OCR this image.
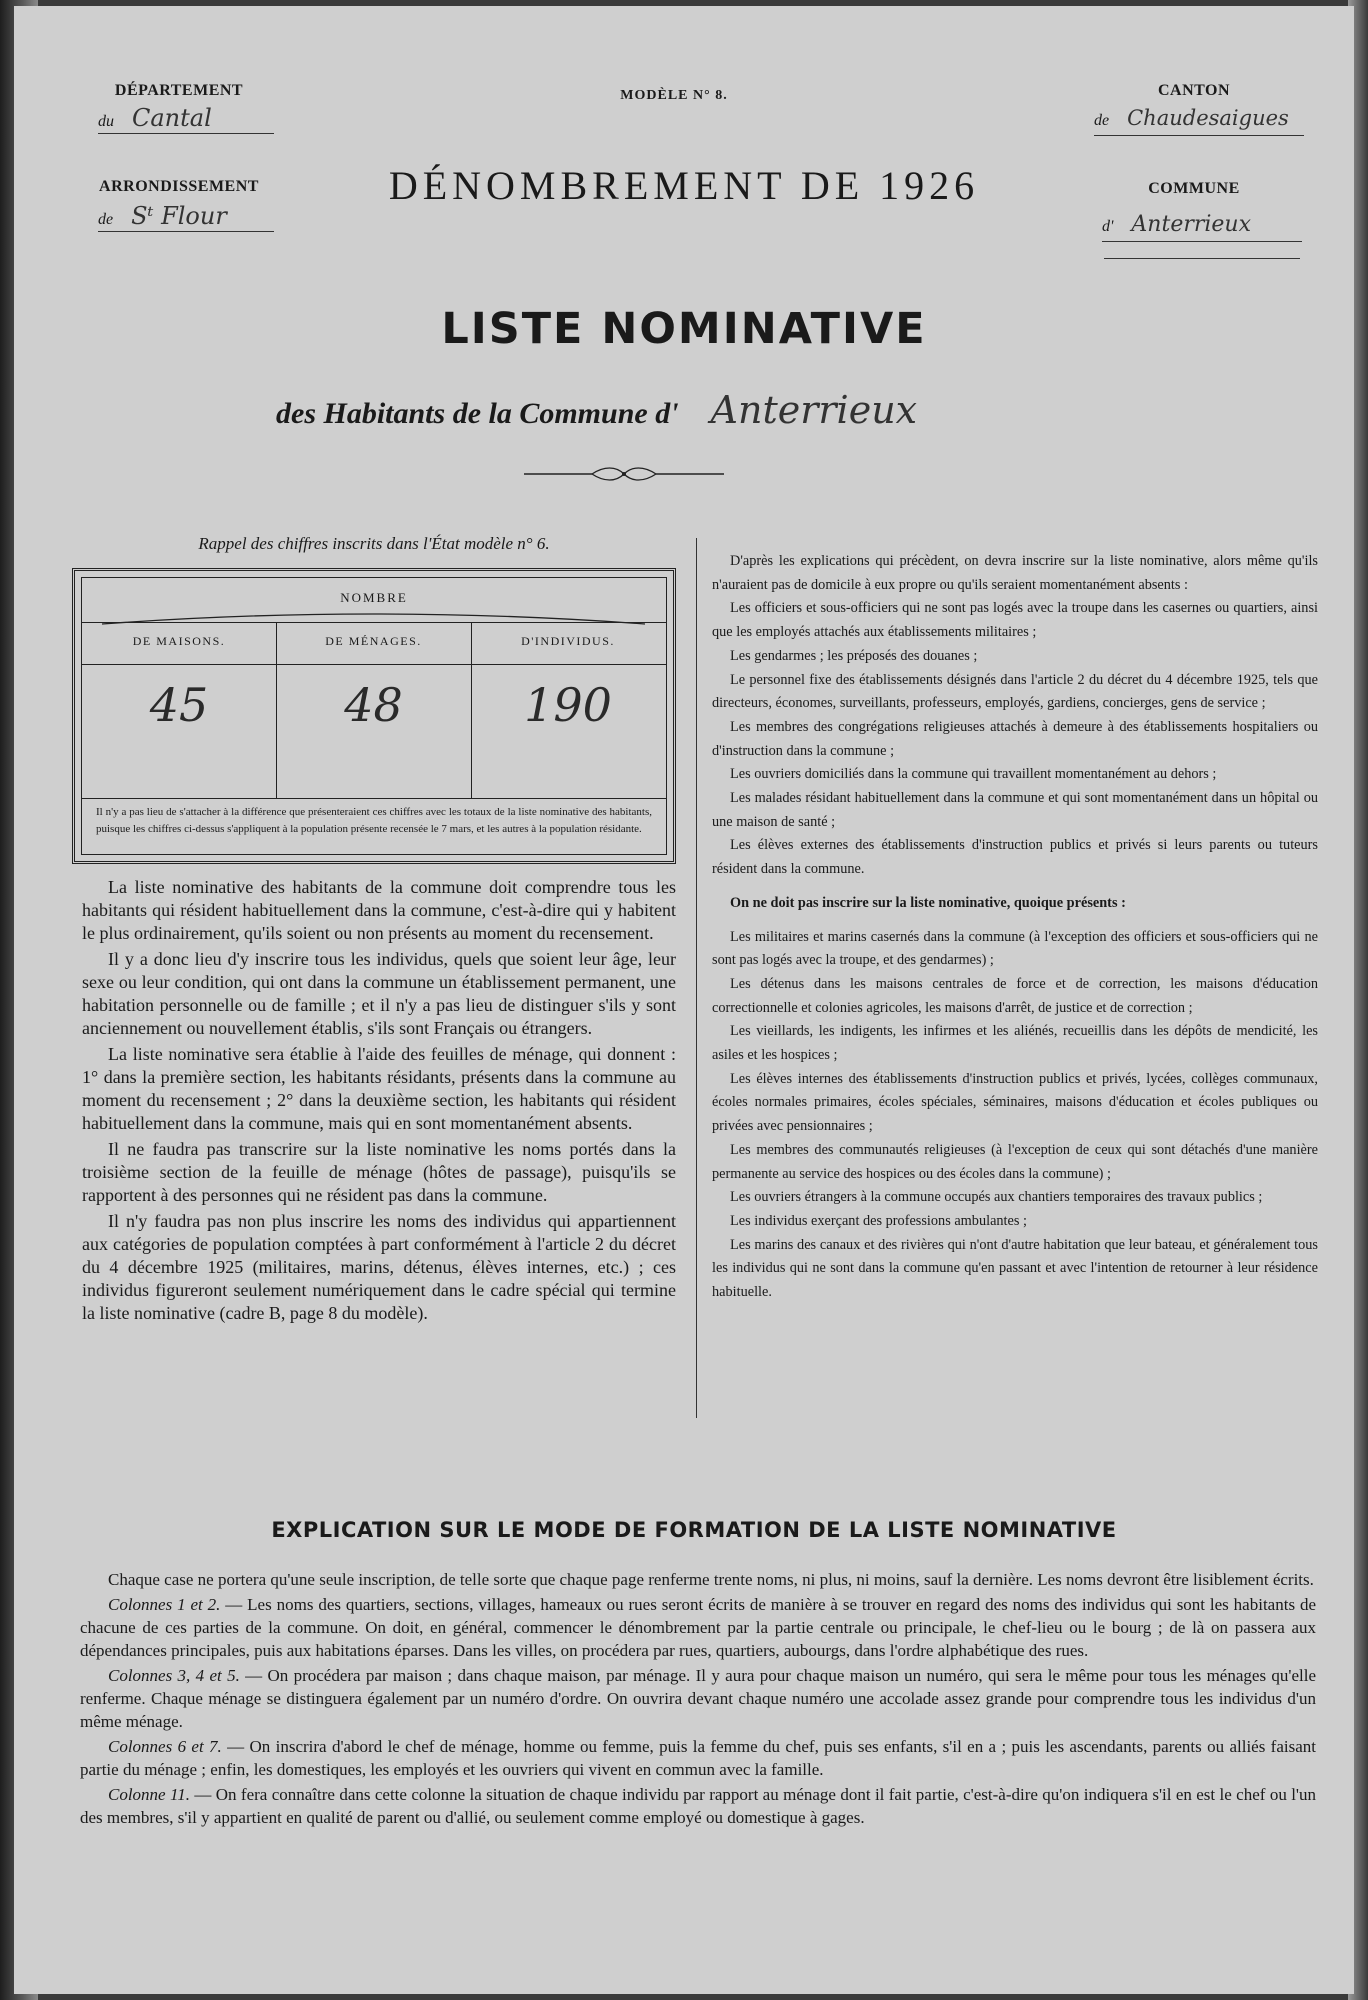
DÉPARTEMENT
du Cantal
ARRONDISSEMENT
de Sᵗ Flour
MODÈLE N° 8.	CANTON
de Chaudesaigues
COMMUNE
d' Anterrieux
DÉNOMBREMENT DE 1926
LISTE NOMINATIVE
des Habitants de la Commune d' Anterrieux
Rappel des chiffres inscrits dans l'État modèle n° 6.
NOMBRE
DE MAISONS.	DE MÉNAGES.	D'INDIVIDUS.
45	48	190
Il n'y a pas lieu de s'attacher à la différence que présenteraient ces chiffres avec les totaux de la liste nominative des habitants, puisque les chiffres ci-dessus s'appliquent à la population présente recensée le 7 mars, et les autres à la population résidante.

La liste nominative des habitants de la commune doit comprendre tous les habitants qui résident habituellement dans la commune, c'est-à-dire qui y habitent le plus ordinairement, qu'ils soient ou non présents au moment du recensement.

Il y a donc lieu d'y inscrire tous les individus, quels que soient leur âge, leur sexe ou leur condition, qui ont dans la commune un établissement permanent, une habitation personnelle ou de famille ; et il n'y a pas lieu de distinguer s'ils y sont anciennement ou nouvellement établis, s'ils sont Français ou étrangers.

La liste nominative sera établie à l'aide des feuilles de ménage, qui donnent : 1° dans la première section, les habitants résidants, présents dans la commune au moment du recensement ; 2° dans la deuxième section, les habitants qui résident habituellement dans la commune, mais qui en sont momentanément absents.

Il ne faudra pas transcrire sur la liste nominative les noms portés dans la troisième section de la feuille de ménage (hôtes de passage), puisqu'ils se rapportent à des personnes qui ne résident pas dans la commune.

Il n'y faudra pas non plus inscrire les noms des individus qui appartiennent aux catégories de population comptées à part conformément à l'article 2 du décret du 4 décembre 1925 (militaires, marins, détenus, élèves internes, etc.) ; ces individus figureront seulement numériquement dans le cadre spécial qui termine la liste nominative (cadre B, page 8 du modèle).

D'après les explications qui précèdent, on devra inscrire sur la liste nominative, alors même qu'ils n'auraient pas de domicile à eux propre ou qu'ils seraient momentanément absents :

Les officiers et sous-officiers qui ne sont pas logés avec la troupe dans les casernes ou quartiers, ainsi que les employés attachés aux établissements militaires ;

Les gendarmes ; les préposés des douanes ;

Le personnel fixe des établissements désignés dans l'article 2 du décret du 4 décembre 1925, tels que directeurs, économes, surveillants, professeurs, employés, gardiens, concierges, gens de service ;

Les membres des congrégations religieuses attachés à demeure à des établissements hospitaliers ou d'instruction dans la commune ;

Les ouvriers domiciliés dans la commune qui travaillent momentanément au dehors ;

Les malades résidant habituellement dans la commune et qui sont momentanément dans un hôpital ou une maison de santé ;

Les élèves externes des établissements d'instruction publics et privés si leurs parents ou tuteurs résident dans la commune.

On ne doit pas inscrire sur la liste nominative, quoique présents :

Les militaires et marins casernés dans la commune (à l'exception des officiers et sous-officiers qui ne sont pas logés avec la troupe, et des gendarmes) ;

Les détenus dans les maisons centrales de force et de correction, les maisons d'éducation correctionnelle et colonies agricoles, les maisons d'arrêt, de justice et de correction ;

Les vieillards, les indigents, les infirmes et les aliénés, recueillis dans les dépôts de mendicité, les asiles et les hospices ;

Les élèves internes des établissements d'instruction publics et privés, lycées, collèges communaux, écoles normales primaires, écoles spéciales, séminaires, maisons d'éducation et écoles publiques ou privées avec pensionnaires ;

Les membres des communautés religieuses (à l'exception de ceux qui sont détachés d'une manière permanente au service des hospices ou des écoles dans la commune) ;

Les ouvriers étrangers à la commune occupés aux chantiers temporaires des travaux publics ;

Les individus exerçant des professions ambulantes ;

Les marins des canaux et des rivières qui n'ont d'autre habitation que leur bateau, et généralement tous les individus qui ne sont dans la commune qu'en passant et avec l'intention de retourner à leur résidence habituelle.

EXPLICATION SUR LE MODE DE FORMATION DE LA LISTE NOMINATIVE

Chaque case ne portera qu'une seule inscription, de telle sorte que chaque page renferme trente noms, ni plus, ni moins, sauf la dernière. Les noms devront être lisiblement écrits.

Colonnes 1 et 2. — Les noms des quartiers, sections, villages, hameaux ou rues seront écrits de manière à se trouver en regard des noms des individus qui sont les habitants de chacune de ces parties de la commune. On doit, en général, commencer le dénombrement par la partie centrale ou principale, le chef-lieu ou le bourg ; de là on passera aux dépendances principales, puis aux habitations éparses. Dans les villes, on procédera par rues, quartiers, aubourgs, dans l'ordre alphabétique des rues.

Colonnes 3, 4 et 5. — On procédera par maison ; dans chaque maison, par ménage. Il y aura pour chaque maison un numéro, qui sera le même pour tous les ménages qu'elle renferme. Chaque ménage se distinguera également par un numéro d'ordre. On ouvrira devant chaque numéro une accolade assez grande pour comprendre tous les individus d'un même ménage.

Colonnes 6 et 7. — On inscrira d'abord le chef de ménage, homme ou femme, puis la femme du chef, puis ses enfants, s'il en a ; puis les ascendants, parents ou alliés faisant partie du ménage ; enfin, les domestiques, les employés et les ouvriers qui vivent en commun avec la famille.

Colonne 11. — On fera connaître dans cette colonne la situation de chaque individu par rapport au ménage dont il fait partie, c'est-à-dire qu'on indiquera s'il en est le chef ou l'un des membres, s'il y appartient en qualité de parent ou d'allié, ou seulement comme employé ou domestique à gages.
